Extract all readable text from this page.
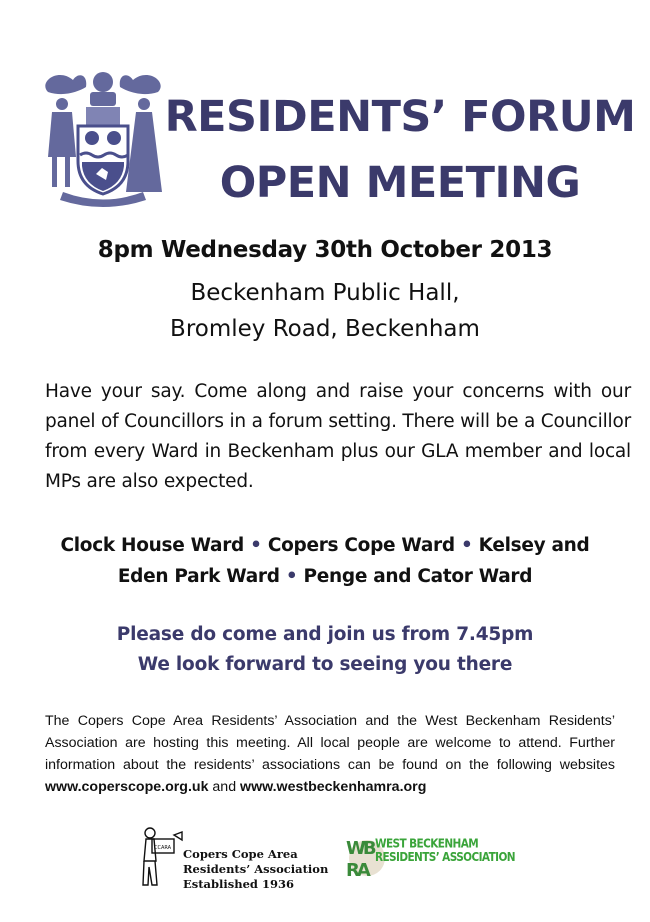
RESIDENTS’ FORUM
OPEN MEETING
8pm Wednesday 30th October 2013
Beckenham Public Hall,
Bromley Road, Beckenham
Have your say. Come along and raise your concerns with our panel of Councillors in a forum setting. There will be a Councillor from every Ward in Beckenham plus our GLA member and local MPs are also expected.
Clock House Ward • Copers Cope Ward • Kelsey and Eden Park Ward • Penge and Cator Ward
Please do come and join us from 7.45pm
We look forward to seeing you there
The Copers Cope Area Residents’ Association and the West Beckenham Residents’ Association are hosting this meeting. All local people are welcome to attend. Further information about the residents’ associations can be found on the following websites www.coperscope.org.uk and www.westbeckenhamra.org
CCARA Copers Cope Area
Residents’ Association
Established 1936
WB
RA
WEST BECKENHAM
RESIDENTS’ ASSOCIATION
